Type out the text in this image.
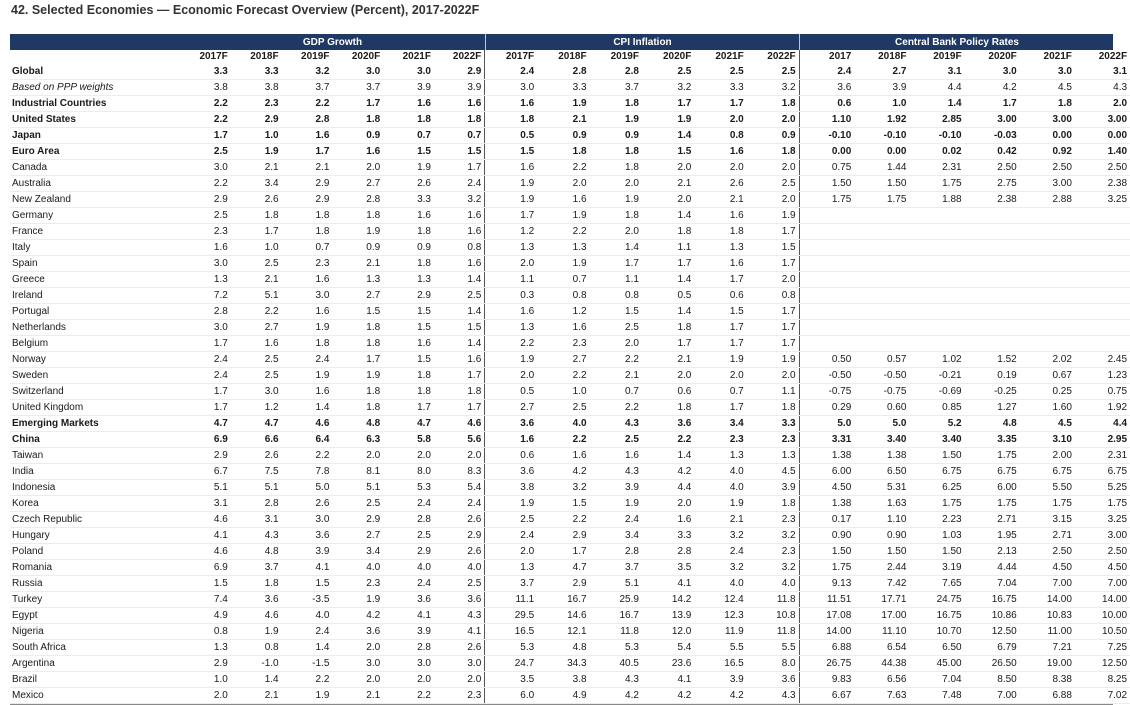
42. Selected Economies — Economic Forecast Overview (Percent), 2017-2022F
GDP Growth	CPI Inflation	Central Bank Policy Rates
	2017F	2018F	2019F	2020F	2021F	2022F	2017F	2018F	2019F	2020F	2021F	2022F	2017	2018F	2019F	2020F	2021F	2022F
Global	3.3	3.3	3.2	3.0	3.0	2.9	2.4	2.8	2.8	2.5	2.5	2.5	2.4	2.7	3.1	3.0	3.0	3.1
Based on PPP weights	3.8	3.8	3.7	3.7	3.9	3.9	3.0	3.3	3.7	3.2	3.3	3.2	3.6	3.9	4.4	4.2	4.5	4.3
Industrial Countries	2.2	2.3	2.2	1.7	1.6	1.6	1.6	1.9	1.8	1.7	1.7	1.8	0.6	1.0	1.4	1.7	1.8	2.0
United States	2.2	2.9	2.8	1.8	1.8	1.8	1.8	2.1	1.9	1.9	2.0	2.0	1.10	1.92	2.85	3.00	3.00	3.00
Japan	1.7	1.0	1.6	0.9	0.7	0.7	0.5	0.9	0.9	1.4	0.8	0.9	-0.10	-0.10	-0.10	-0.03	0.00	0.00
Euro Area	2.5	1.9	1.7	1.6	1.5	1.5	1.5	1.8	1.8	1.5	1.6	1.8	0.00	0.00	0.02	0.42	0.92	1.40
Canada	3.0	2.1	2.1	2.0	1.9	1.7	1.6	2.2	1.8	2.0	2.0	2.0	0.75	1.44	2.31	2.50	2.50	2.50
Australia	2.2	3.4	2.9	2.7	2.6	2.4	1.9	2.0	2.0	2.1	2.6	2.5	1.50	1.50	1.75	2.75	3.00	2.38
New Zealand	2.9	2.6	2.9	2.8	3.3	3.2	1.9	1.6	1.9	2.0	2.1	2.0	1.75	1.75	1.88	2.38	2.88	3.25
Germany	2.5	1.8	1.8	1.8	1.6	1.6	1.7	1.9	1.8	1.4	1.6	1.9						
France	2.3	1.7	1.8	1.9	1.8	1.6	1.2	2.2	2.0	1.8	1.8	1.7						
Italy	1.6	1.0	0.7	0.9	0.9	0.8	1.3	1.3	1.4	1.1	1.3	1.5						
Spain	3.0	2.5	2.3	2.1	1.8	1.6	2.0	1.9	1.7	1.7	1.6	1.7						
Greece	1.3	2.1	1.6	1.3	1.3	1.4	1.1	0.7	1.1	1.4	1.7	2.0						
Ireland	7.2	5.1	3.0	2.7	2.9	2.5	0.3	0.8	0.8	0.5	0.6	0.8						
Portugal	2.8	2.2	1.6	1.5	1.5	1.4	1.6	1.2	1.5	1.4	1.5	1.7						
Netherlands	3.0	2.7	1.9	1.8	1.5	1.5	1.3	1.6	2.5	1.8	1.7	1.7						
Belgium	1.7	1.6	1.8	1.8	1.6	1.4	2.2	2.3	2.0	1.7	1.7	1.7						
Norway	2.4	2.5	2.4	1.7	1.5	1.6	1.9	2.7	2.2	2.1	1.9	1.9	0.50	0.57	1.02	1.52	2.02	2.45
Sweden	2.4	2.5	1.9	1.9	1.8	1.7	2.0	2.2	2.1	2.0	2.0	2.0	-0.50	-0.50	-0.21	0.19	0.67	1.23
Switzerland	1.7	3.0	1.6	1.8	1.8	1.8	0.5	1.0	0.7	0.6	0.7	1.1	-0.75	-0.75	-0.69	-0.25	0.25	0.75
United Kingdom	1.7	1.2	1.4	1.8	1.7	1.7	2.7	2.5	2.2	1.8	1.7	1.8	0.29	0.60	0.85	1.27	1.60	1.92
Emerging Markets	4.7	4.7	4.6	4.8	4.7	4.6	3.6	4.0	4.3	3.6	3.4	3.3	5.0	5.0	5.2	4.8	4.5	4.4
China	6.9	6.6	6.4	6.3	5.8	5.6	1.6	2.2	2.5	2.2	2.3	2.3	3.31	3.40	3.40	3.35	3.10	2.95
Taiwan	2.9	2.6	2.2	2.0	2.0	2.0	0.6	1.6	1.6	1.4	1.3	1.3	1.38	1.38	1.50	1.75	2.00	2.31
India	6.7	7.5	7.8	8.1	8.0	8.3	3.6	4.2	4.3	4.2	4.0	4.5	6.00	6.50	6.75	6.75	6.75	6.75
Indonesia	5.1	5.1	5.0	5.1	5.3	5.4	3.8	3.2	3.9	4.4	4.0	3.9	4.50	5.31	6.25	6.00	5.50	5.25
Korea	3.1	2.8	2.6	2.5	2.4	2.4	1.9	1.5	1.9	2.0	1.9	1.8	1.38	1.63	1.75	1.75	1.75	1.75
Czech Republic	4.6	3.1	3.0	2.9	2.8	2.6	2.5	2.2	2.4	1.6	2.1	2.3	0.17	1.10	2.23	2.71	3.15	3.25
Hungary	4.1	4.3	3.6	2.7	2.5	2.9	2.4	2.9	3.4	3.3	3.2	3.2	0.90	0.90	1.03	1.95	2.71	3.00
Poland	4.6	4.8	3.9	3.4	2.9	2.6	2.0	1.7	2.8	2.8	2.4	2.3	1.50	1.50	1.50	2.13	2.50	2.50
Romania	6.9	3.7	4.1	4.0	4.0	4.0	1.3	4.7	3.7	3.5	3.2	3.2	1.75	2.44	3.19	4.44	4.50	4.50
Russia	1.5	1.8	1.5	2.3	2.4	2.5	3.7	2.9	5.1	4.1	4.0	4.0	9.13	7.42	7.65	7.04	7.00	7.00
Turkey	7.4	3.6	-3.5	1.9	3.6	3.6	11.1	16.7	25.9	14.2	12.4	11.8	11.51	17.71	24.75	16.75	14.00	14.00
Egypt	4.9	4.6	4.0	4.2	4.1	4.3	29.5	14.6	16.7	13.9	12.3	10.8	17.08	17.00	16.75	10.86	10.83	10.00
Nigeria	0.8	1.9	2.4	3.6	3.9	4.1	16.5	12.1	11.8	12.0	11.9	11.8	14.00	11.10	10.70	12.50	11.00	10.50
South Africa	1.3	0.8	1.4	2.0	2.8	2.6	5.3	4.8	5.3	5.4	5.5	5.5	6.88	6.54	6.50	6.79	7.21	7.25
Argentina	2.9	-1.0	-1.5	3.0	3.0	3.0	24.7	34.3	40.5	23.6	16.5	8.0	26.75	44.38	45.00	26.50	19.00	12.50
Brazil	1.0	1.4	2.2	2.0	2.0	2.0	3.5	3.8	4.3	4.1	3.9	3.6	9.83	6.56	7.04	8.50	8.38	8.25
Mexico	2.0	2.1	1.9	2.1	2.2	2.3	6.0	4.9	4.2	4.2	4.2	4.3	6.67	7.63	7.48	7.00	6.88	7.02
